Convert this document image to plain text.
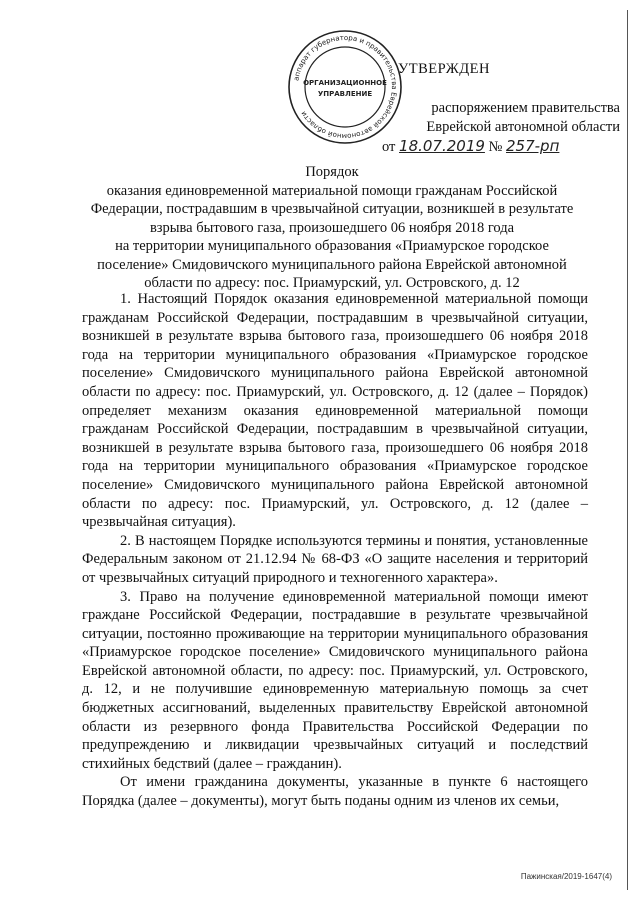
аппарат губернатора и правительства Еврейской автономной области
ОРГАНИЗАЦИОННОЕ
УПРАВЛЕНИЕ
УТВЕРЖДЕН
распоряжением правительства
Еврейской автономной области
от 18.07.2019 № 257-рп
Порядок
оказания единовременной материальной помощи гражданам Российской
Федерации, пострадавшим в чрезвычайной ситуации, возникшей в результате
взрыва бытового газа, произошедшего 06 ноября 2018 года
на территории муниципального образования «Приамурское городское
поселение» Смидовичского муниципального района Еврейской автономной
области по адресу: пос. Приамурский, ул. Островского, д. 12

1. Настоящий Порядок оказания единовременной материальной помощи гражданам Российской Федерации, пострадавшим в чрезвычайной ситуации, возникшей в результате взрыва бытового газа, произошедшего 06 ноября 2018 года на территории муниципального образования «Приамурское городское поселение» Смидовичского муниципального района Еврейской автономной области по адресу: пос. Приамурский, ул. Островского, д. 12 (далее – Порядок) определяет механизм оказания единовременной материальной помощи гражданам Российской Федерации, пострадавшим в чрезвычайной ситуации, возникшей в результате взрыва бытового газа, произошедшего 06 ноября 2018 года на территории муниципального образования «Приамурское городское поселение» Смидовичского муниципального района Еврейской автономной области по адресу: пос. Приамурский, ул. Островского, д. 12 (далее – чрезвычайная ситуация).

2. В настоящем Порядке используются термины и понятия, установленные Федеральным законом от 21.12.94 № 68-ФЗ «О защите населения и территорий от чрезвычайных ситуаций природного и техногенного характера».

3. Право на получение единовременной материальной помощи имеют граждане Российской Федерации, пострадавшие в результате чрезвычайной ситуации, постоянно проживающие на территории муниципального образования «Приамурское городское поселение» Смидовичского муниципального района Еврейской автономной области, по адресу: пос. Приамурский, ул. Островского, д. 12, и не получившие единовременную материальную помощь за счет бюджетных ассигнований, выделенных правительству Еврейской автономной области из резервного фонда Правительства Российской Федерации по предупреждению и ликвидации чрезвычайных ситуаций и последствий стихийных бедствий (далее – гражданин).

От имени гражданина документы, указанные в пункте 6 настоящего Порядка (далее – документы), могут быть поданы одним из членов их семьи,

Пажинская/2019-1647(4)
